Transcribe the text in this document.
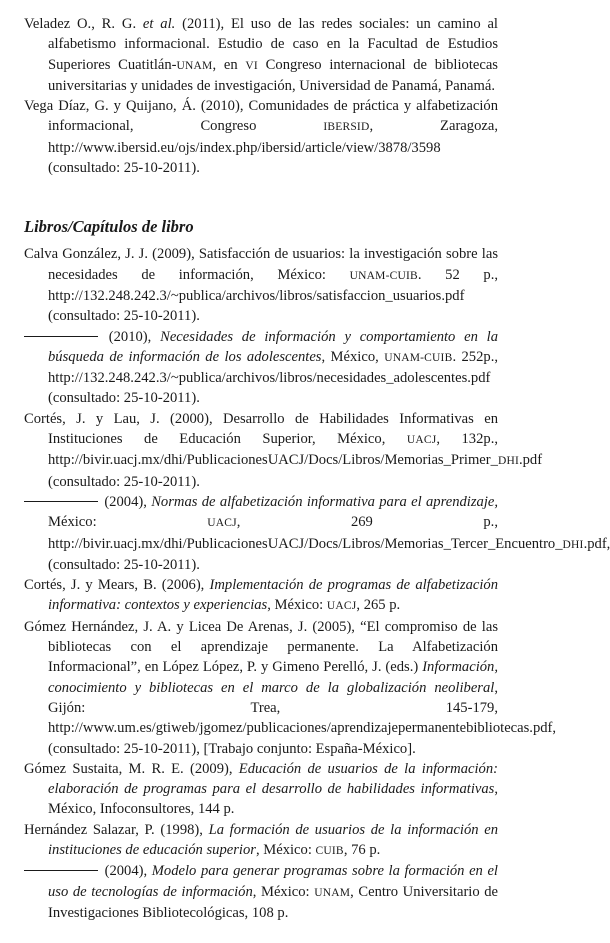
Veladez O., R. G. et al. (2011), El uso de las redes sociales: un camino al alfabetismo informacional. Estudio de caso en la Facultad de Estudios Superiores Cuatitlán-UNAM, en VI Congreso internacional de bibliotecas universitarias y unidades de investigación, Universidad de Panamá, Panamá.

Vega Díaz, G. y Quijano, Á. (2010), Comunidades de práctica y alfabetización informacional, Congreso IBERSID, Zaragoza, http://www.ibersid.eu/ojs/index.php/ibersid/article/view/3878/3598 (consultado: 25-10-2011).

Libros/Capítulos de libro

Calva González, J. J. (2009), Satisfacción de usuarios: la investigación sobre las necesidades de información, México: UNAM-CUIB. 52 p., http://132.248.242.3/~publica/archivos/libros/satisfaccion_usuarios.pdf (consultado: 25-10-2011).

(2010), Necesidades de información y comportamiento en la búsqueda de información de los adolescentes, México, UNAM-CUIB. 252p., http://132.248.242.3/~publica/archivos/libros/necesidades_adolescentes.pdf (consultado: 25-10-2011).

Cortés, J. y Lau, J. (2000), Desarrollo de Habilidades Informativas en Instituciones de Educación Superior, México, UACJ, 132p., http://bivir.uacj.mx/dhi/PublicacionesUACJ/Docs/Libros/Memorias_Primer_DHI.pdf (consultado: 25-10-2011).

(2004), Normas de alfabetización informativa para el aprendizaje, México: UACJ, 269 p., http://bivir.uacj.mx/dhi/PublicacionesUACJ/Docs/Libros/Memorias_Tercer_Encuentro_DHI.pdf, (consultado: 25-10-2011).

Cortés, J. y Mears, B. (2006), Implementación de programas de alfabetización informativa: contextos y experiencias, México: UACJ, 265 p.

Gómez Hernández, J. A. y Licea De Arenas, J. (2005), “El compromiso de las bibliotecas con el aprendizaje permanente. La Alfabetización Informacional”, en López López, P. y Gimeno Perelló, J. (eds.) Información, conocimiento y bibliotecas en el marco de la globalización neoliberal, Gijón: Trea, 145-179, http://www.um.es/gtiweb/jgomez/publicaciones/aprendizajepermanentebibliotecas.pdf, (consultado: 25-10-2011), [Trabajo conjunto: España-México].

Gómez Sustaita, M. R. E. (2009), Educación de usuarios de la información: elaboración de programas para el desarrollo de habilidades informativas, México, Infoconsultores, 144 p.

Hernández Salazar, P. (1998), La formación de usuarios de la información en instituciones de educación superior, México: CUIB, 76 p.

(2004), Modelo para generar programas sobre la formación en el uso de tecnologías de información, México: UNAM, Centro Universitario de Investigaciones Bibliotecológicas, 108 p.
